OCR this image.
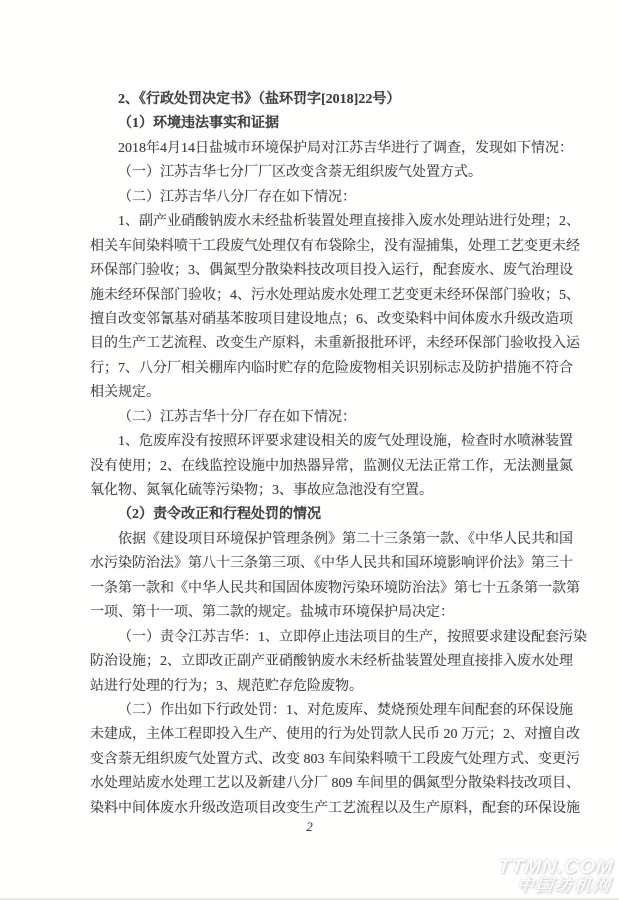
2、《行政处罚决定书》（盐环罚字[2018]22号）
（1）环境违法事实和证据
2018年4月14日盐城市环境保护局对江苏吉华进行了调查，发现如下情况：
（一）江苏吉华七分厂厂区改变含萘无组织废气处置方式。
（二）江苏吉华八分厂存在如下情况：
1、副产业硝酸钠废水未经盐析装置处理直接排入废水处理站进行处理；2、
相关车间染料喷干工段废气处理仅有布袋除尘，没有湿捕集，处理工艺变更未经
环保部门验收；3、偶氮型分散染料技改项目投入运行，配套废水、废气治理设
施未经环保部门验收；4、污水处理站废水处理工艺变更未经环保部门验收；5、
擅自改变邻氰基对硝基苯胺项目建设地点；6、改变染料中间体废水升级改造项
目的生产工艺流程、改变生产原料，未重新报批环评，未经环保部门验收投入运
行；7、八分厂相关棚库内临时贮存的危险废物相关识别标志及防护措施不符合
相关规定。
（二）江苏吉华十分厂存在如下情况：
1、危废库没有按照环评要求建设相关的废气处理设施，检查时水喷淋装置
没有使用；2、在线监控设施中加热器异常，监测仪无法正常工作，无法测量氮
氧化物、氮氧化硫等污染物；3、事故应急池没有空置。
（2）责令改正和行程处罚的情况
依据《建设项目环境保护管理条例》第二十三条第一款、《中华人民共和国
水污染防治法》第八十三条第三项、《中华人民共和国环境影响评价法》第三十
一条第一款和《中华人民共和国固体废物污染环境防治法》第七十五条第一款第
一项、第十一项、第二款的规定。盐城市环境保护局决定：
（一）责令江苏吉华：1、立即停止违法项目的生产，按照要求建设配套污染
防治设施；2、立即改正副产亚硝酸钠废水未经析盐装置处理直接排入废水处理
站进行处理的行为；3、规范贮存危险废物。
（二）作出如下行政处罚：1、对危废库、焚烧预处理车间配套的环保设施
未建成，主体工程即投入生产、使用的行为处罚款人民币 20 万元；2、对擅自改
变含萘无组织废气处置方式、改变 803 车间染料喷干工段废气处理方式、变更污
水处理站废水处理工艺以及新建八分厂 809 车间里的偶氮型分散染料技改项目、
染料中间体废水升级改造项目改变生产工艺流程以及生产原料，配套的环保设施
2
TTMN.COM
中国纺机网
